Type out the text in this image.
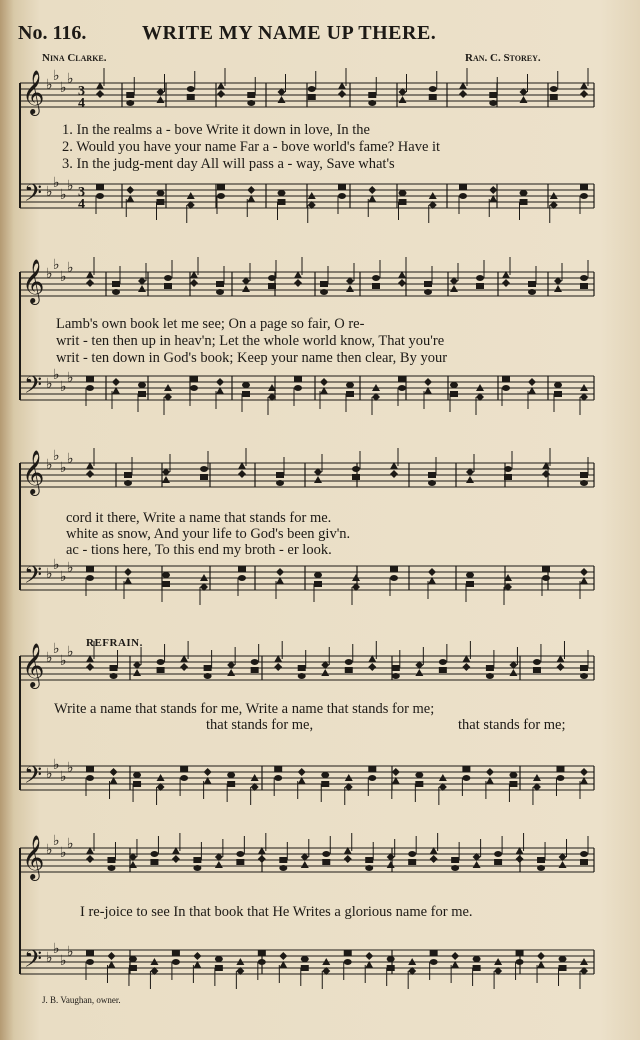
No. 116.	WRITE MY NAME UP THERE.
Nina Clarke.	Ran. C. Storey.
𝄞
𝄢
♭
♭
♭
♭
♭
♭
♭
♭
3
4
3
4
𝄞
𝄢
♭
♭
♭
♭
♭
♭
♭
♭
𝄞
𝄢
♭
♭
♭
♭
♭
♭
♭
♭
𝄞
𝄢
♭
♭
♭
♭
♭
♭
♭
♭
𝄞
𝄢
♭
♭
♭
♭
♭
♭
♭
♭
1. In the realms a - bove Write it down in love, In the
2. Would you have your name Far a - bove world's fame? Have it
3. In the judg-ment day All will pass a - way, Save what's
Lamb's own book let me see; On a page so fair, O re-
writ - ten then up in heav'n; Let the whole world know, That you're
writ - ten down in God's book; Keep your name then clear, By your
cord it there, Write a name that stands for me.
white as snow, And your life to God's been giv'n.
ac - tions here, To this end my broth - er look.
REFRAIN.
Write a name that stands for me, Write a name that stands for me;
that stands for me,	that stands for me;
I re-joice to see In that book that He Writes a glorious name for me.
J. B. Vaughan, owner.
